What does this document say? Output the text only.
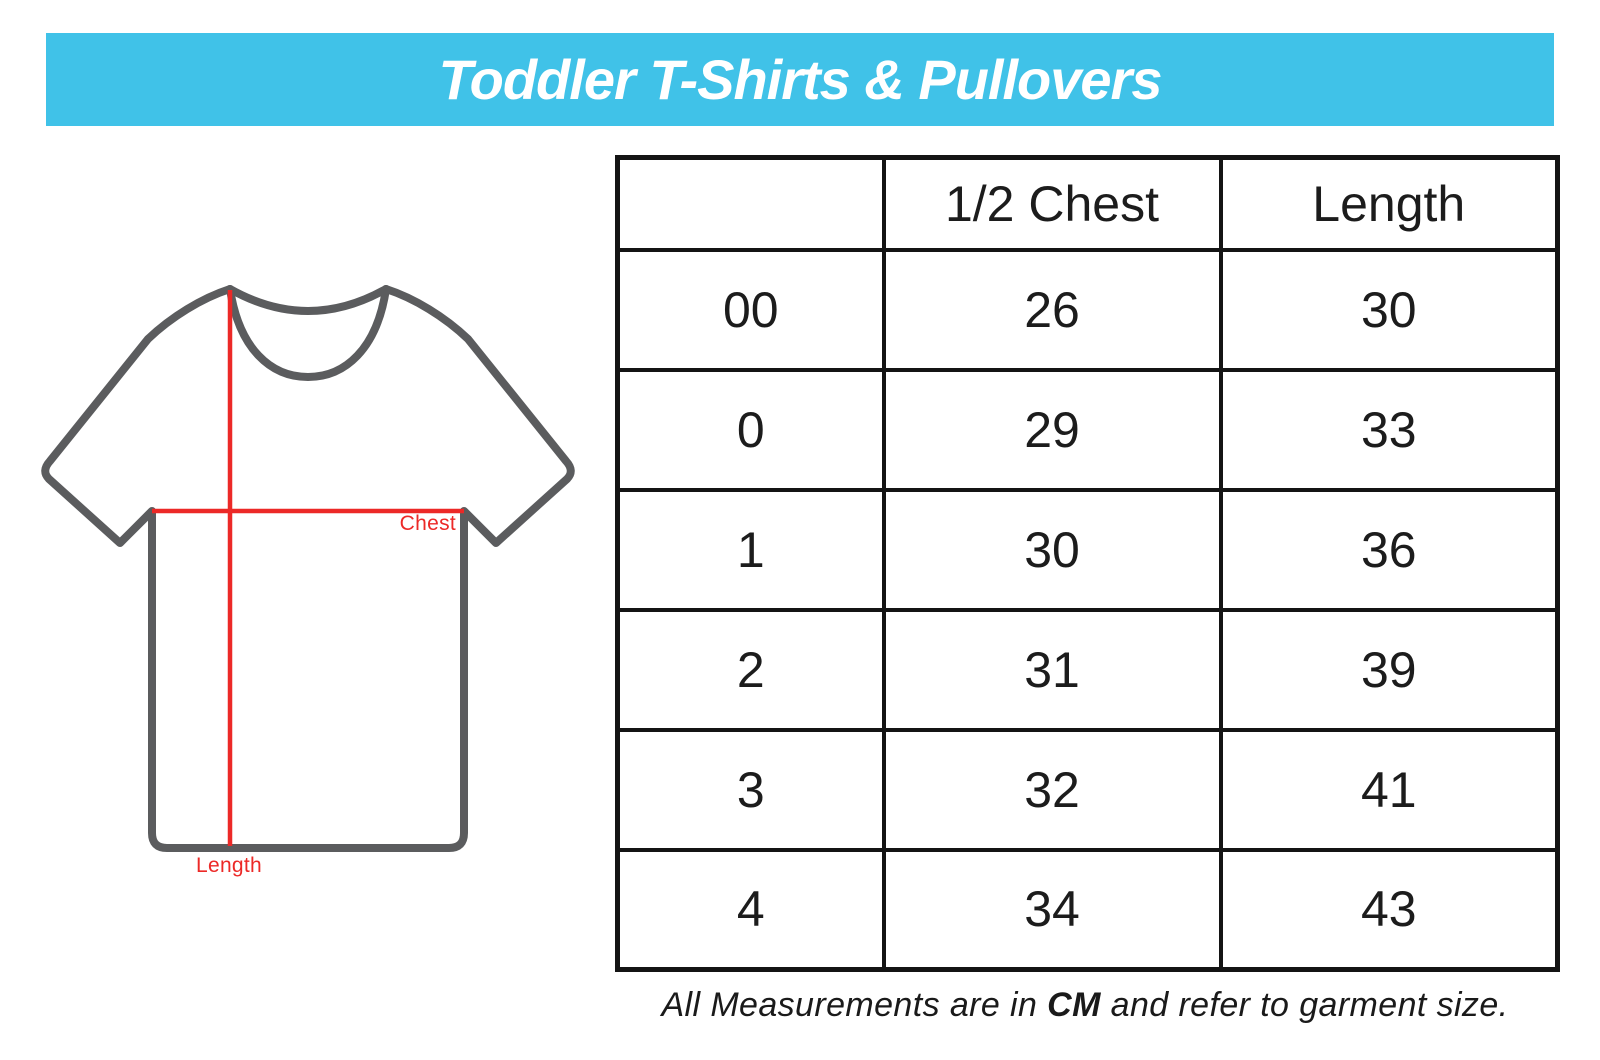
Toddler T-Shirts & Pullovers
Chest
Length
	1/2 Chest	Length
00	26	30
0	29	33
1	30	36
2	31	39
3	32	41
4	34	43
All Measurements are in CM and refer to garment size.
